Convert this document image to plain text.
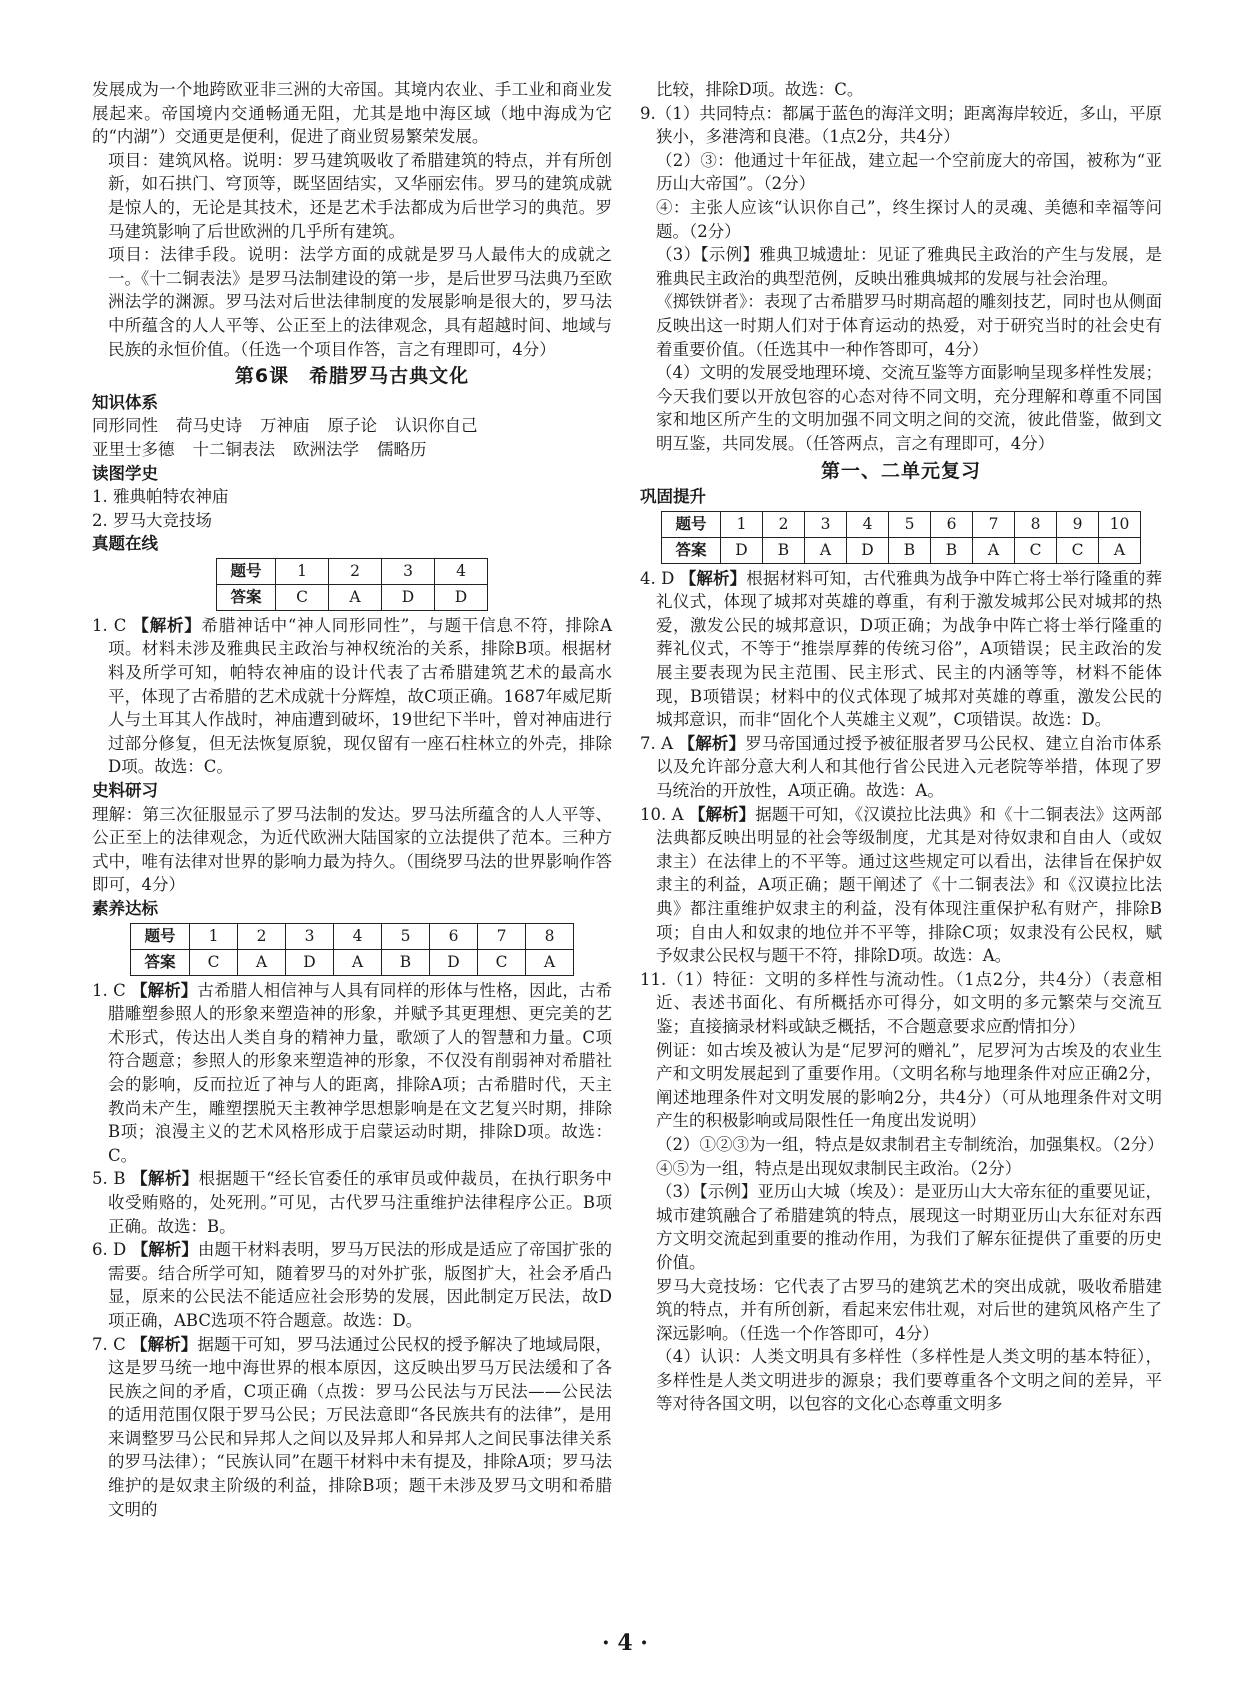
发展成为一个地跨欧亚非三洲的大帝国。其境内农业、手工业和商业发展起来。帝国境内交通畅通无阻，尤其是地中海区域（地中海成为它的“内湖”）交通更是便利，促进了商业贸易繁荣发展。

项目：建筑风格。说明：罗马建筑吸收了希腊建筑的特点，并有所创新，如石拱门、穹顶等，既坚固结实，又华丽宏伟。罗马的建筑成就是惊人的，无论是其技术，还是艺术手法都成为后世学习的典范。罗马建筑影响了后世欧洲的几乎所有建筑。

项目：法律手段。说明：法学方面的成就是罗马人最伟大的成就之一。《十二铜表法》是罗马法制建设的第一步，是后世罗马法典乃至欧洲法学的渊源。罗马法对后世法律制度的发展影响是很大的，罗马法中所蕴含的人人平等、公正至上的法律观念，具有超越时间、地域与民族的永恒价值。（任选一个项目作答，言之有理即可，4分）

第6课　希腊罗马古典文化
知识体系

同形同性 荷马史诗 万神庙 原子论 认识你自己

亚里士多德 十二铜表法 欧洲法学 儒略历

读图学史

1. 雅典帕特农神庙

2. 罗马大竞技场

真题在线
题号	1	2	3	4
答案	C	A	D	D

1. C 【解析】希腊神话中“神人同形同性”，与题干信息不符，排除A项。材料未涉及雅典民主政治与神权统治的关系，排除B项。根据材料及所学可知，帕特农神庙的设计代表了古希腊建筑艺术的最高水平，体现了古希腊的艺术成就十分辉煌，故C项正确。1687年威尼斯人与土耳其人作战时，神庙遭到破坏，19世纪下半叶，曾对神庙进行过部分修复，但无法恢复原貌，现仅留有一座石柱林立的外壳，排除D项。故选：C。

史料研习

理解：第三次征服显示了罗马法制的发达。罗马法所蕴含的人人平等、公正至上的法律观念，为近代欧洲大陆国家的立法提供了范本。三种方式中，唯有法律对世界的影响力最为持久。（围绕罗马法的世界影响作答即可，4分）

素养达标
题号	1	2	3	4	5	6	7	8
答案	C	A	D	A	B	D	C	A

1. C 【解析】古希腊人相信神与人具有同样的形体与性格，因此，古希腊雕塑参照人的形象来塑造神的形象，并赋予其更理想、更完美的艺术形式，传达出人类自身的精神力量，歌颂了人的智慧和力量。C项符合题意；参照人的形象来塑造神的形象，不仅没有削弱神对希腊社会的影响，反而拉近了神与人的距离，排除A项；古希腊时代，天主教尚未产生，雕塑摆脱天主教神学思想影响是在文艺复兴时期，排除B项；浪漫主义的艺术风格形成于启蒙运动时期，排除D项。故选：C。

5. B 【解析】根据题干“经长官委任的承审员或仲裁员，在执行职务中收受贿赂的，处死刑。”可见，古代罗马注重维护法律程序公正。B项正确。故选：B。

6. D 【解析】由题干材料表明，罗马万民法的形成是适应了帝国扩张的需要。结合所学可知，随着罗马的对外扩张，版图扩大，社会矛盾凸显，原来的公民法不能适应社会形势的发展，因此制定万民法，故D项正确，ABC选项不符合题意。故选：D。

7. C 【解析】据题干可知，罗马法通过公民权的授予解决了地域局限，这是罗马统一地中海世界的根本原因，这反映出罗马万民法缓和了各民族之间的矛盾，C项正确（点拨：罗马公民法与万民法——公民法的适用范围仅限于罗马公民；万民法意即“各民族共有的法律”，是用来调整罗马公民和异邦人之间以及异邦人和异邦人之间民事法律关系的罗马法律）；“民族认同”在题干材料中未有提及，排除A项；罗马法维护的是奴隶主阶级的利益，排除B项；题干未涉及罗马文明和希腊文明的

比较，排除D项。故选：C。

9.（1）共同特点：都属于蓝色的海洋文明；距离海岸较近，多山，平原狭小，多港湾和良港。（1点2分，共4分）

（2）③：他通过十年征战，建立起一个空前庞大的帝国，被称为“亚历山大帝国”。（2分）

④：主张人应该“认识你自己”，终生探讨人的灵魂、美德和幸福等问题。（2分）

（3）【示例】雅典卫城遗址：见证了雅典民主政治的产生与发展，是雅典民主政治的典型范例，反映出雅典城邦的发展与社会治理。

《掷铁饼者》：表现了古希腊罗马时期高超的雕刻技艺，同时也从侧面反映出这一时期人们对于体育运动的热爱，对于研究当时的社会史有着重要价值。（任选其中一种作答即可，4分）

（4）文明的发展受地理环境、交流互鉴等方面影响呈现多样性发展；今天我们要以开放包容的心态对待不同文明，充分理解和尊重不同国家和地区所产生的文明加强不同文明之间的交流，彼此借鉴，做到文明互鉴，共同发展。（任答两点，言之有理即可，4分）

第一、二单元复习
巩固提升
题号	1	2	3	4	5	6	7	8	9	10
答案	D	B	A	D	B	B	A	C	C	A

4. D 【解析】根据材料可知，古代雅典为战争中阵亡将士举行隆重的葬礼仪式，体现了城邦对英雄的尊重，有利于激发城邦公民对城邦的热爱，激发公民的城邦意识，D项正确；为战争中阵亡将士举行隆重的葬礼仪式，不等于“推崇厚葬的传统习俗”，A项错误；民主政治的发展主要表现为民主范围、民主形式、民主的内涵等等，材料不能体现，B项错误；材料中的仪式体现了城邦对英雄的尊重，激发公民的城邦意识，而非“固化个人英雄主义观”，C项错误。故选：D。

7. A 【解析】罗马帝国通过授予被征服者罗马公民权、建立自治市体系以及允许部分意大利人和其他行省公民进入元老院等举措，体现了罗马统治的开放性，A项正确。故选：A。

10. A 【解析】据题干可知，《汉谟拉比法典》和《十二铜表法》这两部法典都反映出明显的社会等级制度，尤其是对待奴隶和自由人（或奴隶主）在法律上的不平等。通过这些规定可以看出，法律旨在保护奴隶主的利益，A项正确；题干阐述了《十二铜表法》和《汉谟拉比法典》都注重维护奴隶主的利益，没有体现注重保护私有财产，排除B项；自由人和奴隶的地位并不平等，排除C项；奴隶没有公民权，赋予奴隶公民权与题干不符，排除D项。故选：A。

11.（1）特征：文明的多样性与流动性。（1点2分，共4分）（表意相近、表述书面化、有所概括亦可得分，如文明的多元繁荣与交流互鉴；直接摘录材料或缺乏概括，不合题意要求应酌情扣分）

例证：如古埃及被认为是“尼罗河的赠礼”，尼罗河为古埃及的农业生产和文明发展起到了重要作用。（文明名称与地理条件对应正确2分，阐述地理条件对文明发展的影响2分，共4分）（可从地理条件对文明产生的积极影响或局限性任一角度出发说明）

（2）①②③为一组，特点是奴隶制君主专制统治，加强集权。（2分）

④⑤为一组，特点是出现奴隶制民主政治。（2分）

（3）【示例】亚历山大城（埃及）：是亚历山大大帝东征的重要见证，城市建筑融合了希腊建筑的特点，展现这一时期亚历山大东征对东西方文明交流起到重要的推动作用，为我们了解东征提供了重要的历史价值。

罗马大竞技场：它代表了古罗马的建筑艺术的突出成就，吸收希腊建筑的特点，并有所创新，看起来宏伟壮观，对后世的建筑风格产生了深远影响。（任选一个作答即可，4分）

（4）认识：人类文明具有多样性（多样性是人类文明的基本特征），多样性是人类文明进步的源泉；我们要尊重各个文明之间的差异，平等对待各国文明，以包容的文化心态尊重文明多

· 4 ·
